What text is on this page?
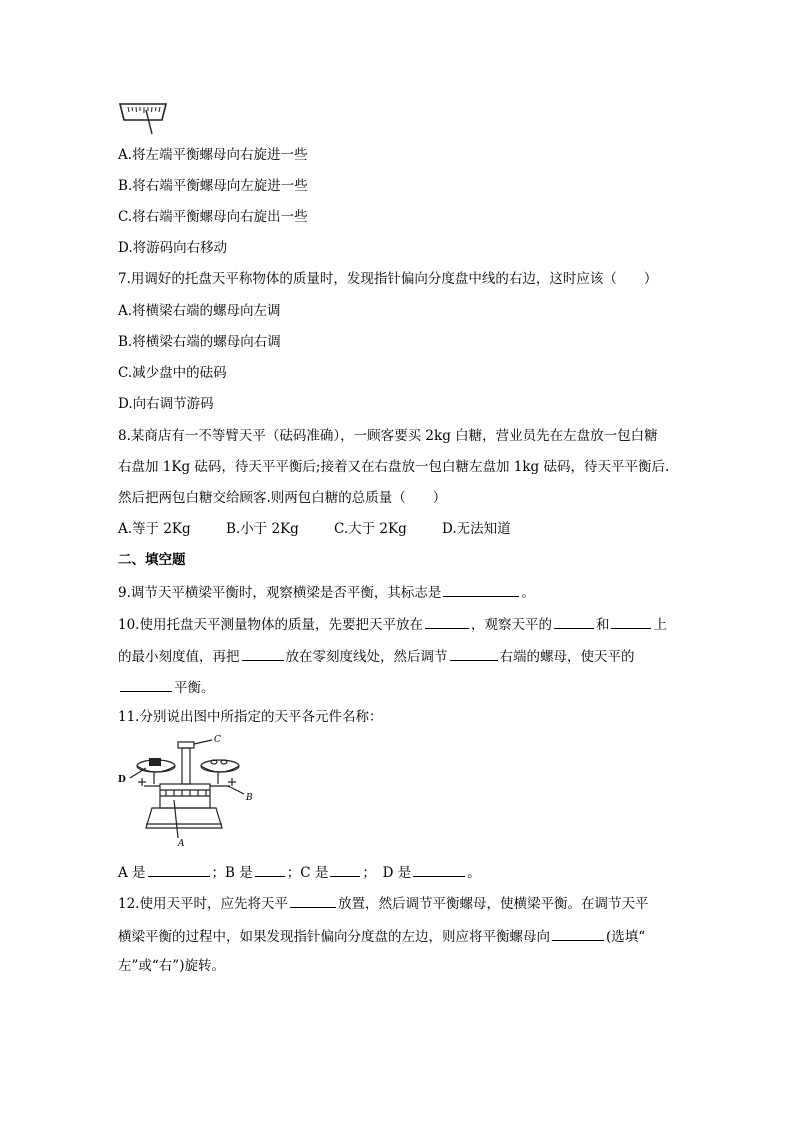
A.将左端平衡螺母向右旋进一些
B.将右端平衡螺母向左旋进一些
C.将右端平衡螺母向右旋出一些
D.将游码向右移动
7.用调好的托盘天平称物体的质量时，发现指针偏向分度盘中线的右边，这时应该（　　）
A.将横梁右端的螺母向左调
B.将横梁右端的螺母向右调
C.减少盘中的砝码
D.向右调节游码
8.某商店有一不等臂天平（砝码准确），一顾客要买 2kg 白糖，营业员先在左盘放一包白糖
右盘加 1Kg 砝码，待天平平衡后;接着又在右盘放一包白糖左盘加 1kg 砝码，待天平平衡后.
然后把两包白糖交给顾客.则两包白糖的总质量（　　）
A.等于 2Kg	B.小于 2Kg	C.大于 2Kg	D.无法知道
二、填空题
9.调节天平横梁平衡时，观察横梁是否平衡，其标志是	。
10.使用托盘天平测量物体的质量，先要把天平放在	，观察天平的	和	上
的最小刻度值，再把	放在零刻度线处，然后调节	右端的螺母，使天平的
平衡。
11.分别说出图中所指定的天平各元件名称：
C
D
B
A
A 是	；B 是	；C 是	；　D 是	。
12.使用天平时，应先将天平	放置，然后调节平衡螺母，使横梁平衡。在调节天平
横梁平衡的过程中，如果发现指针偏向分度盘的左边，则应将平衡螺母向	(选填“
左”或“右”)旋转。
